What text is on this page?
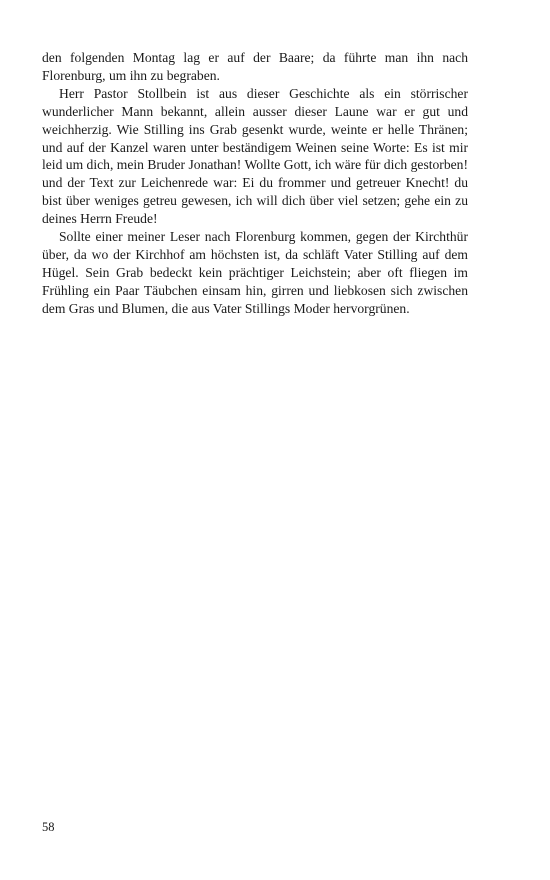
den folgenden Montag lag er auf der Baare; da führte man ihn nach Florenburg, um ihn zu begraben.

Herr Pastor Stollbein ist aus dieser Geschichte als ein störrischer wunderlicher Mann bekannt, allein ausser dieser Laune war er gut und weichherzig. Wie Stilling ins Grab gesenkt wurde, weinte er helle Thränen; und auf der Kanzel waren unter beständigem Weinen seine Worte: Es ist mir leid um dich, mein Bruder Jonathan! Wollte Gott, ich wäre für dich gestorben! und der Text zur Leichenrede war: Ei du frommer und getreuer Knecht! du bist über weniges getreu gewesen, ich will dich über viel setzen; gehe ein zu deines Herrn Freude!

Sollte einer meiner Leser nach Florenburg kommen, gegen der Kirchthür über, da wo der Kirchhof am höchsten ist, da schläft Vater Stilling auf dem Hügel. Sein Grab bedeckt kein prächtiger Leichstein; aber oft fliegen im Frühling ein Paar Täubchen einsam hin, girren und liebkosen sich zwischen dem Gras und Blumen, die aus Vater Stillings Moder hervorgrünen.

58
